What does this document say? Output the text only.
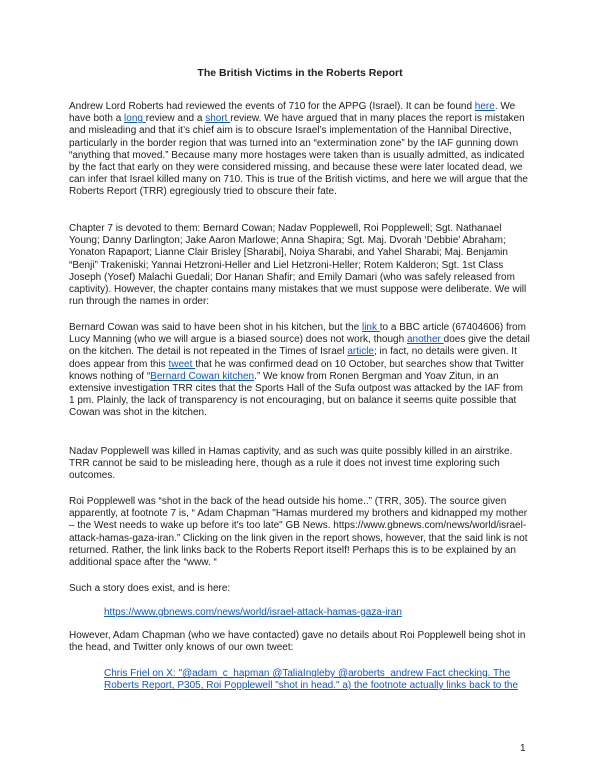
The British Victims in the Roberts Report

Andrew Lord Roberts had reviewed the events of 710 for the APPG (Israel). It can be found here. We have both a long review and a short review. We have argued that in many places the report is mistaken and misleading and that it’s chief aim is to obscure Israel’s implementation of the Hannibal Directive, particularly in the border region that was turned into an “extermination zone” by the IAF gunning down “anything that moved.” Because many more hostages were taken than is usually admitted, as indicated by the fact that early on they were considered missing, and because these were later located dead, we can infer that Israel killed many on 710. This is true of the British victims, and here we will argue that the Roberts Report (TRR) egregiously tried to obscure their fate.

Chapter 7 is devoted to them: Bernard Cowan; Nadav Popplewell, Roi Popplewell; Sgt. Nathanael Young; Danny Darlington; Jake Aaron Marlowe; Anna Shapira; Sgt. Maj. Dvorah ‘Debbie’ Abraham; Yonaton Rapaport; Lianne Clair Brisley [Sharabi], Noiya Sharabi, and Yahel Sharabi; Maj. Benjamin “Benji” Trakeniski; Yannai Hetzroni-Heller and Liel Hetzroni-Heller; Rotem Kalderon; Sgt. 1st Class Joseph (Yosef) Malachi Guedali; Dor Hanan Shafir; and Emily Damari (who was safely released from captivity). However, the chapter contains many mistakes that we must suppose were deliberate. We will run through the names in order:

Bernard Cowan was said to have been shot in his kitchen, but the link to a BBC article (67404606) from Lucy Manning (who we will argue is a biased source) does not work, though another does give the detail on the kitchen. The detail is not repeated in the Times of Israel article; in fact, no details were given. It does appear from this tweet that he was confirmed dead on 10 October, but searches show that Twitter knows nothing of “Bernard Cowan kitchen.” We know from Ronen Bergman and Yoav Zitun, in an extensive investigation TRR cites that the Sports Hall of the Sufa outpost was attacked by the IAF from 1 pm. Plainly, the lack of transparency is not encouraging, but on balance it seems quite possible that Cowan was shot in the kitchen.

Nadav Popplewell was killed in Hamas captivity, and as such was quite possibly killed in an airstrike. TRR cannot be said to be misleading here, though as a rule it does not invest time exploring such outcomes.

Roi Popplewell was “shot in the back of the head outside his home..” (TRR, 305). The source given apparently, at footnote 7 is, “ Adam Chapman "Hamas murdered my brothers and kidnapped my mother – the West needs to wake up before it's too late" GB News. https://www.gbnews.com/news/world/israel-attack-hamas-gaza-iran.” Clicking on the link given in the report shows, however, that the said link is not returned. Rather, the link links back to the Roberts Report itself! Perhaps this is to be explained by an additional space after the “www. “

Such a story does exist, and is here:

https://www.gbnews.com/news/world/israel-attack-hamas-gaza-iran

However, Adam Chapman (who we have contacted) gave no details about Roi Popplewell being shot in the head, and Twitter only knows of our own tweet:

Chris Friel on X: "@adam_c_hapman @TaliaIngleby @aroberts_andrew Fact checking. The Roberts Report, P305, Roi Popplewell "shot in head." a) the footnote actually links back to the

1
